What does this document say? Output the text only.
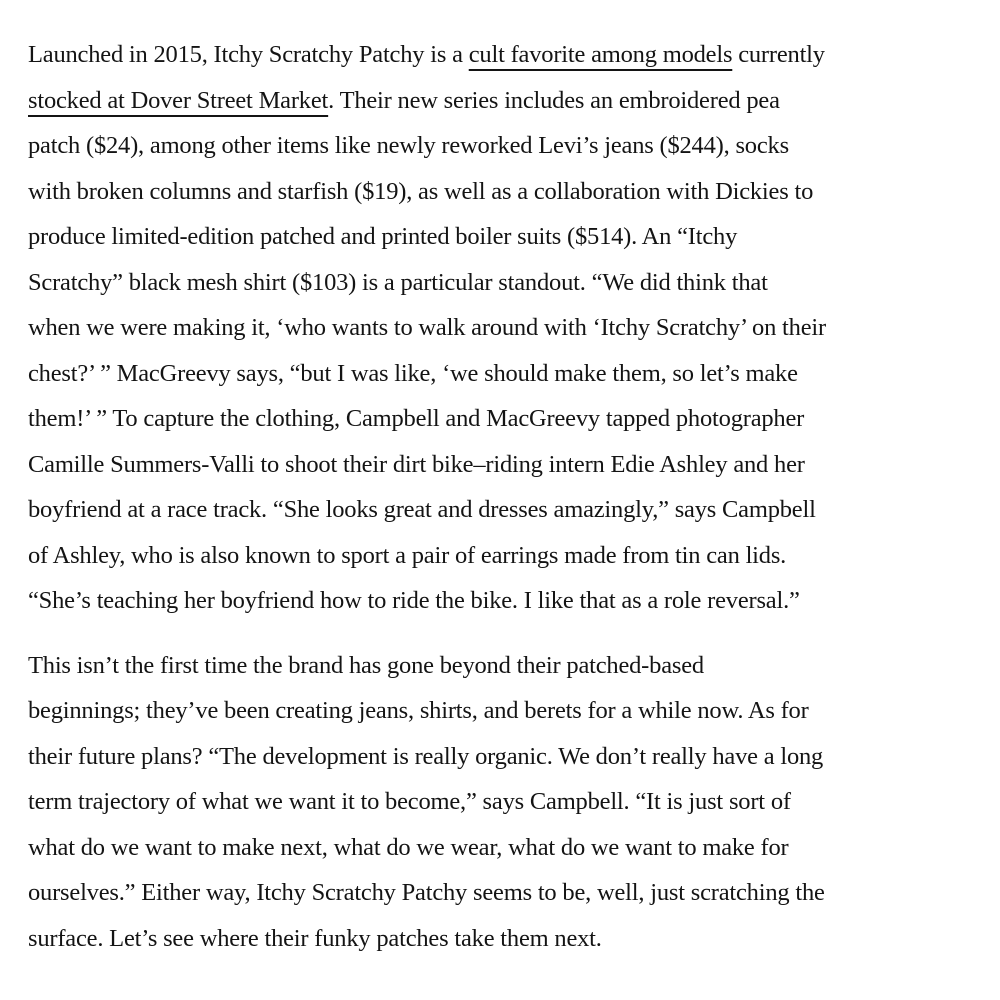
Launched in 2015, Itchy Scratchy Patchy is a cult favorite among models currently
stocked at Dover Street Market. Their new series includes an embroidered pea
patch ($24), among other items like newly reworked Levi’s jeans ($244), socks
with broken columns and starfish ($19), as well as a collaboration with Dickies to
produce limited-edition patched and printed boiler suits ($514). An “Itchy
Scratchy” black mesh shirt ($103) is a particular standout. “We did think that
when we were making it, ‘who wants to walk around with ‘Itchy Scratchy’ on their
chest?’ ” MacGreevy says, “but I was like, ‘we should make them, so let’s make
them!’ ” To capture the clothing, Campbell and MacGreevy tapped photographer
Camille Summers-Valli to shoot their dirt bike–riding intern Edie Ashley and her
boyfriend at a race track. “She looks great and dresses amazingly,” says Campbell
of Ashley, who is also known to sport a pair of earrings made from tin can lids.
“She’s teaching her boyfriend how to ride the bike. I like that as a role reversal.”
This isn’t the first time the brand has gone beyond their patched-based
beginnings; they’ve been creating jeans, shirts, and berets for a while now. As for
their future plans? “The development is really organic. We don’t really have a long
term trajectory of what we want it to become,” says Campbell. “It is just sort of
what do we want to make next, what do we wear, what do we want to make for
ourselves.” Either way, Itchy Scratchy Patchy seems to be, well, just scratching the
surface. Let’s see where their funky patches take them next.
